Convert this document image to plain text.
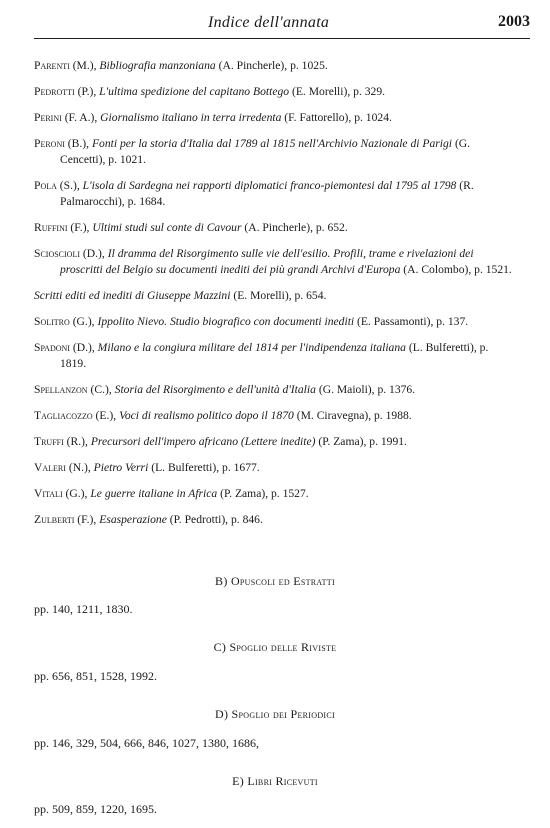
Indice dell'annata	2003
Parenti (M.), Bibliografia manzoniana (A. Pincherle), p. 1025.
Pedrotti (P.), L'ultima spedizione del capitano Bottego (E. Morelli), p. 329.
Perini (F. A.), Giornalismo italiano in terra irredenta (F. Fattorello), p. 1024.
Peroni (B.), Fonti per la storia d'Italia dal 1789 al 1815 nell'Archivio Nazionale di Parigi (G. Cencetti), p. 1021.
Pola (S.), L'isola di Sardegna nei rapporti diplomatici franco-piemontesi dal 1795 al 1798 (R. Palmarocchi), p. 1684.
Ruffini (F.), Ultimi studi sul conte di Cavour (A. Pincherle), p. 652.
Scioscioli (D.), Il dramma del Risorgimento sulle vie dell'esilio. Profili, trame e rivelazioni dei proscritti del Belgio su documenti inediti dei più grandi Archivi d'Europa (A. Colombo), p. 1521.
Scritti editi ed inediti di Giuseppe Mazzini (E. Morelli), p. 654.
Solitro (G.), Ippolito Nievo. Studio biografico con documenti inediti (E. Passamonti), p. 137.
Spadoni (D.), Milano e la congiura militare del 1814 per l'indipendenza italiana (L. Bulferetti), p. 1819.
Spellanzon (C.), Storia del Risorgimento e dell'unità d'Italia (G. Maioli), p. 1376.
Tagliacozzo (E.), Voci di realismo politico dopo il 1870 (M. Ciravegna), p. 1988.
Truffi (R.), Precursori dell'impero africano (Lettere inedite) (P. Zama), p. 1991.
Valeri (N.), Pietro Verri (L. Bulferetti), p. 1677.
Vitali (G.), Le guerre italiane in Africa (P. Zama), p. 1527.
Zulberti (F.), Esasperazione (P. Pedrotti), p. 846.
B) Opuscoli ed Estratti
pp. 140, 1211, 1830.
C) Spoglio delle Riviste
pp. 656, 851, 1528, 1992.
D) Spoglio dei Periodici
pp. 146, 329, 504, 666, 846, 1027, 1380, 1686,
E) Libri Ricevuti
pp. 509, 859, 1220, 1695.
